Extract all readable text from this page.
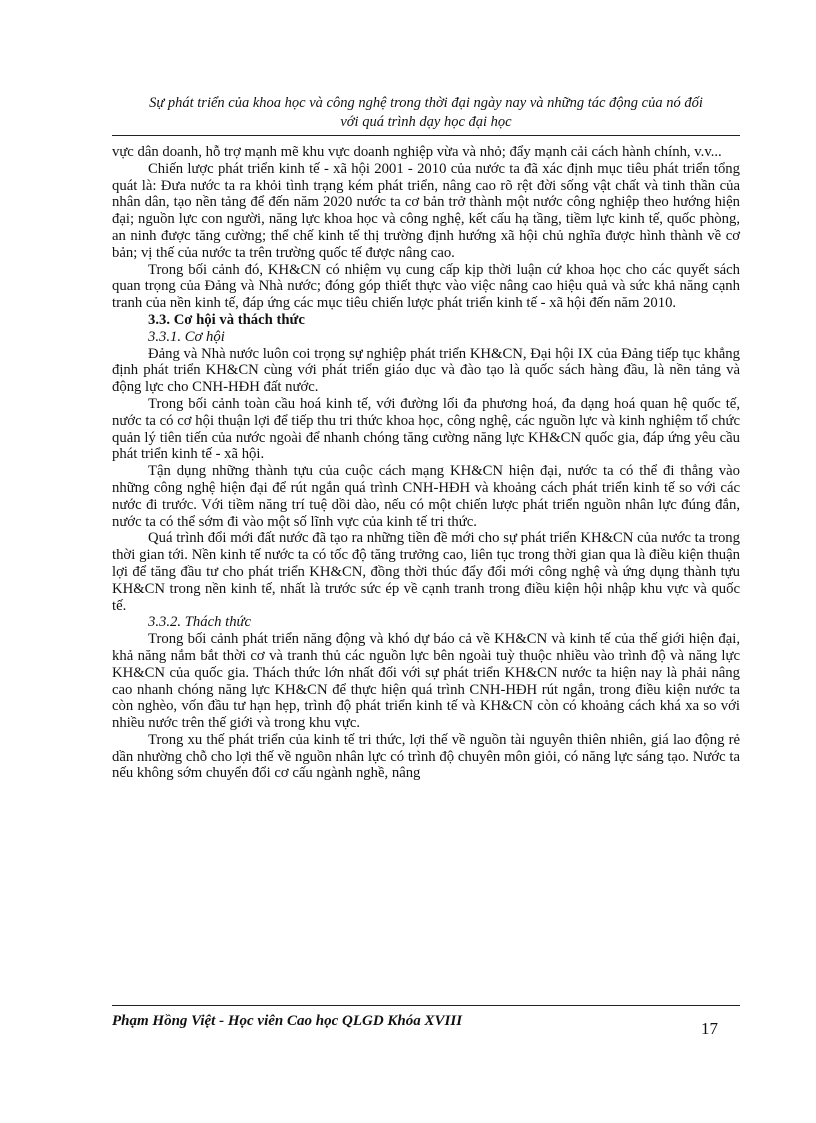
Sự phát triển của khoa học và công nghệ trong thời đại ngày nay và những tác động của nó đối
với quá trình dạy học đại học

vực dân doanh, hỗ trợ mạnh mẽ khu vực doanh nghiệp vừa và nhỏ; đẩy mạnh cải cách hành chính, v.v...

Chiến lược phát triển kinh tế - xã hội 2001 - 2010 của nước ta đã xác định mục tiêu phát triển tổng quát là: Đưa nước ta ra khỏi tình trạng kém phát triển, nâng cao rõ rệt đời sống vật chất và tinh thần của nhân dân, tạo nền tảng để đến năm 2020 nước ta cơ bản trở thành một nước công nghiệp theo hướng hiện đại; nguồn lực con người, năng lực khoa học và công nghệ, kết cấu hạ tầng, tiềm lực kinh tế, quốc phòng, an ninh được tăng cường; thể chế kinh tế thị trường định hướng xã hội chủ nghĩa được hình thành về cơ bản; vị thế của nước ta trên trường quốc tế được nâng cao.

Trong bối cảnh đó, KH&CN có nhiệm vụ cung cấp kịp thời luận cứ khoa học cho các quyết sách quan trọng của Đảng và Nhà nước; đóng góp thiết thực vào việc nâng cao hiệu quả và sức khả năng cạnh tranh của nền kinh tế, đáp ứng các mục tiêu chiến lược phát triển kinh tế - xã hội đến năm 2010.

3.3. Cơ hội và thách thức
3.3.1. Cơ hội

Đảng và Nhà nước luôn coi trọng sự nghiệp phát triển KH&CN, Đại hội IX của Đảng tiếp tục khẳng định phát triển KH&CN cùng với phát triển giáo dục và đào tạo là quốc sách hàng đầu, là nền tảng và động lực cho CNH-HĐH đất nước.

Trong bối cảnh toàn cầu hoá kinh tế, với đường lối đa phương hoá, đa dạng hoá quan hệ quốc tế, nước ta có cơ hội thuận lợi để tiếp thu tri thức khoa học, công nghệ, các nguồn lực và kinh nghiệm tổ chức quản lý tiên tiến của nước ngoài để nhanh chóng tăng cường năng lực KH&CN quốc gia, đáp ứng yêu cầu phát triển kinh tế - xã hội.

Tận dụng những thành tựu của cuộc cách mạng KH&CN hiện đại, nước ta có thể đi thẳng vào những công nghệ hiện đại để rút ngắn quá trình CNH-HĐH và khoảng cách phát triển kinh tế so với các nước đi trước. Với tiềm năng trí tuệ dồi dào, nếu có một chiến lược phát triển nguồn nhân lực đúng đắn, nước ta có thể sớm đi vào một số lĩnh vực của kinh tế tri thức.

Quá trình đổi mới đất nước đã tạo ra những tiền đề mới cho sự phát triển KH&CN của nước ta trong thời gian tới. Nền kinh tế nước ta có tốc độ tăng trưởng cao, liên tục trong thời gian qua là điều kiện thuận lợi để tăng đầu tư cho phát triển KH&CN, đồng thời thúc đẩy đổi mới công nghệ và ứng dụng thành tựu KH&CN trong nền kinh tế, nhất là trước sức ép về cạnh tranh trong điều kiện hội nhập khu vực và quốc tế.

3.3.2. Thách thức

Trong bối cảnh phát triển năng động và khó dự báo cả về KH&CN và kinh tế của thế giới hiện đại, khả năng nắm bắt thời cơ và tranh thủ các nguồn lực bên ngoài tuỳ thuộc nhiều vào trình độ và năng lực KH&CN của quốc gia. Thách thức lớn nhất đối với sự phát triển KH&CN nước ta hiện nay là phải nâng cao nhanh chóng năng lực KH&CN để thực hiện quá trình CNH-HĐH rút ngắn, trong điều kiện nước ta còn nghèo, vốn đầu tư hạn hẹp, trình độ phát triển kinh tế và KH&CN còn có khoảng cách khá xa so với nhiều nước trên thế giới và trong khu vực.

Trong xu thế phát triển của kinh tế tri thức, lợi thế về nguồn tài nguyên thiên nhiên, giá lao động rẻ dần nhường chỗ cho lợi thế về nguồn nhân lực có trình độ chuyên môn giỏi, có năng lực sáng tạo. Nước ta nếu không sớm chuyển đổi cơ cấu ngành nghề, nâng

Phạm Hồng Việt - Học viên Cao học QLGD Khóa XVIII	17
